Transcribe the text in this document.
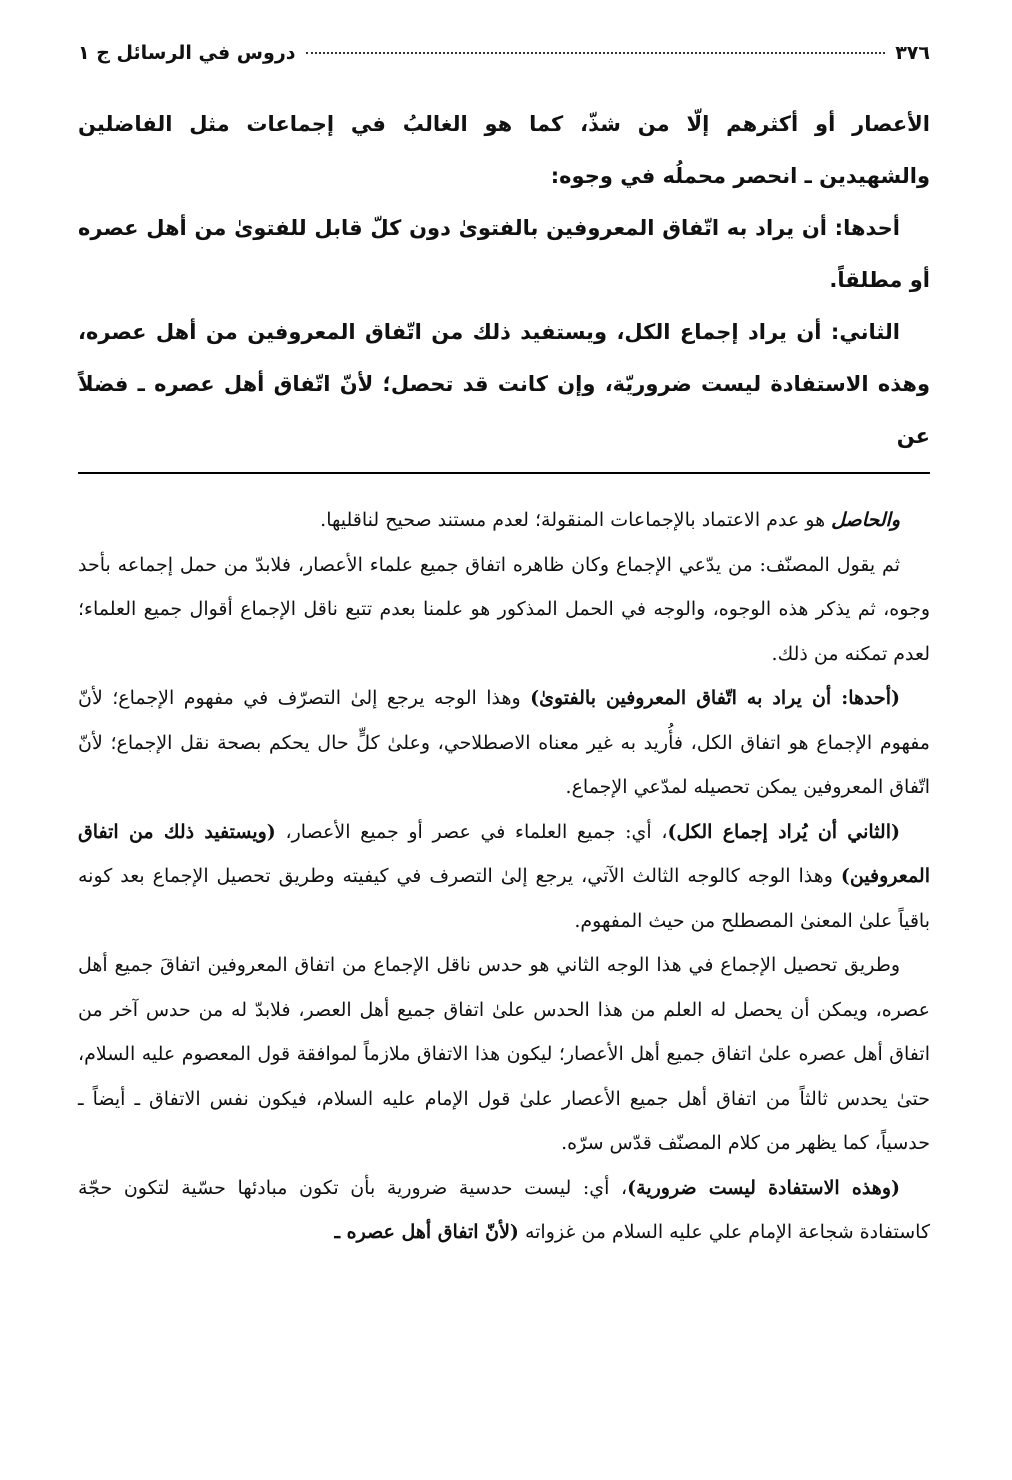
٣٧٦
دروس في الرسائل ج ١

الأعصار أو أكثرهم إلّا من شذّ، كما هو الغالبُ في إجماعات مثل الفاضلين والشهيدين ـ انحصر محملُه في وجوه:

أحدها: أن يراد به اتّفاق المعروفين بالفتوىٰ دون كلّ قابل للفتوىٰ من أهل عصره أو مطلقاً.

الثاني: أن يراد إجماع الكل، ويستفيد ذلك من اتّفاق المعروفين من أهل عصره، وهذه الاستفادة ليست ضروريّة، وإن كانت قد تحصل؛ لأنّ اتّفاق أهل عصره ـ فضلاً عن

والحاصل هو عدم الاعتماد بالإجماعات المنقولة؛ لعدم مستند صحيح لناقليها.

ثم يقول المصنّف: من يدّعي الإجماع وكان ظاهره اتفاق جميع علماء الأعصار، فلابدّ من حمل إجماعه بأحد وجوه، ثم يذكر هذه الوجوه، والوجه في الحمل المذكور هو علمنا بعدم تتبع ناقل الإجماع أقوال جميع العلماء؛ لعدم تمكنه من ذلك.

(أحدها: أن يراد به اتّفاق المعروفين بالفتوىٰ) وهذا الوجه يرجع إلىٰ التصرّف في مفهوم الإجماع؛ لأنّ مفهوم الإجماع هو اتفاق الكل، فأُريد به غير معناه الاصطلاحي، وعلىٰ كلٍّ حال يحكم بصحة نقل الإجماع؛ لأنّ اتّفاق المعروفين يمكن تحصيله لمدّعي الإجماع.

(الثاني أن يُراد إجماع الكل)، أي: جميع العلماء في عصر أو جميع الأعصار، (ويستفيد ذلك من اتفاق المعروفين) وهذا الوجه كالوجه الثالث الآتي، يرجع إلىٰ التصرف في كيفيته وطريق تحصيل الإجماع بعد كونه باقياً علىٰ المعنىٰ المصطلح من حيث المفهوم.

وطريق تحصيل الإجماع في هذا الوجه الثاني هو حدس ناقل الإجماع من اتفاق المعروفين اتفاقَ جميع أهل عصره، ويمكن أن يحصل له العلم من هذا الحدس علىٰ اتفاق جميع أهل العصر، فلابدّ له من حدس آخر من اتفاق أهل عصره علىٰ اتفاق جميع أهل الأعصار؛ ليكون هذا الاتفاق ملازماً لموافقة قول المعصوم عليه السلام، حتىٰ يحدس ثالثاً من اتفاق أهل جميع الأعصار علىٰ قول الإمام عليه السلام، فيكون نفس الاتفاق ـ أيضاً ـ حدسياً، كما يظهر من كلام المصنّف قدّس سرّه.

(وهذه الاستفادة ليست ضرورية)، أي: ليست حدسية ضرورية بأن تكون مبادئها حسّية لتكون حجّة كاستفادة شجاعة الإمام علي عليه السلام من غزواته (لأنّ اتفاق أهل عصره ـ
